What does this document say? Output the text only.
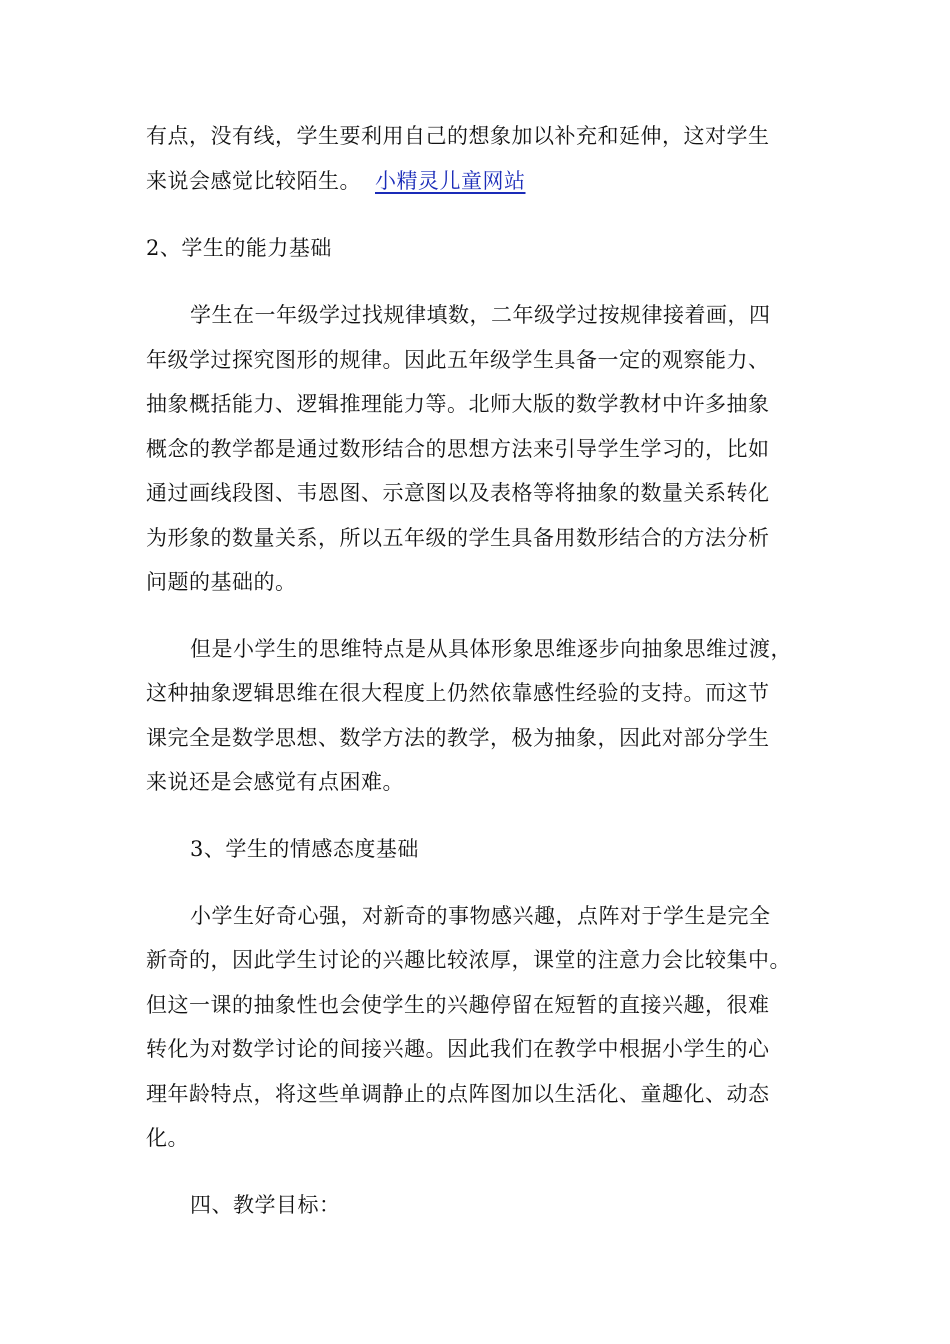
有点，没有线，学生要利用自己的想象加以补充和延伸，这对学生
来说会感觉比较陌生。 小精灵儿童网站
2、学生的能力基础
学生在一年级学过找规律填数，二年级学过按规律接着画，四
年级学过探究图形的规律。因此五年级学生具备一定的观察能力、
抽象概括能力、逻辑推理能力等。北师大版的数学教材中许多抽象
概念的教学都是通过数形结合的思想方法来引导学生学习的，比如
通过画线段图、韦恩图、示意图以及表格等将抽象的数量关系转化
为形象的数量关系，所以五年级的学生具备用数形结合的方法分析
问题的基础的。
但是小学生的思维特点是从具体形象思维逐步向抽象思维过渡，
这种抽象逻辑思维在很大程度上仍然依靠感性经验的支持。而这节
课完全是数学思想、数学方法的教学，极为抽象，因此对部分学生
来说还是会感觉有点困难。
3、学生的情感态度基础
小学生好奇心强，对新奇的事物感兴趣，点阵对于学生是完全
新奇的，因此学生讨论的兴趣比较浓厚，课堂的注意力会比较集中。
但这一课的抽象性也会使学生的兴趣停留在短暂的直接兴趣，很难
转化为对数学讨论的间接兴趣。因此我们在教学中根据小学生的心
理年龄特点，将这些单调静止的点阵图加以生活化、童趣化、动态
化。
四、教学目标：
